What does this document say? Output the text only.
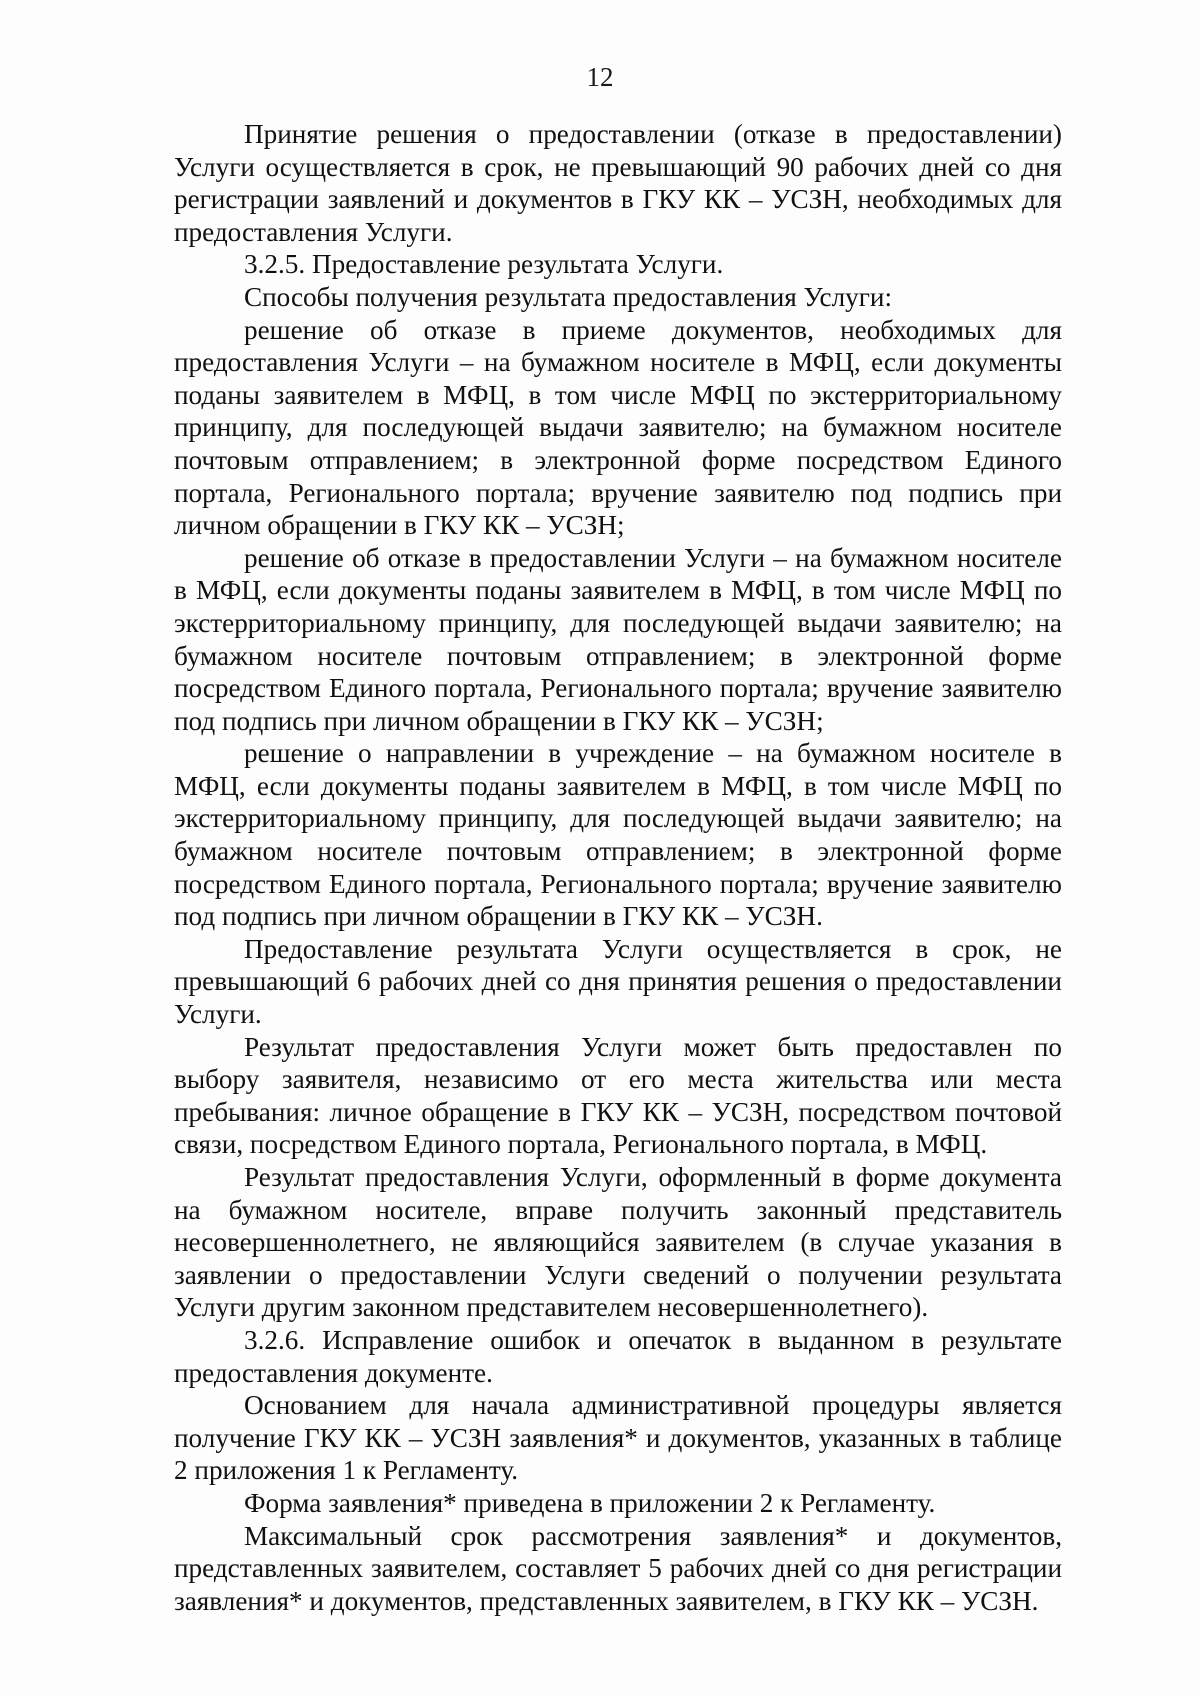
12

Принятие решения о предоставлении (отказе в предоставлении) Услуги осуществляется в срок, не превышающий 90 рабочих дней со дня регистрации заявлений и документов в ГКУ КК – УСЗН, необходимых для предоставления Услуги.

3.2.5. Предоставление результата Услуги.

Способы получения результата предоставления Услуги:

решение об отказе в приеме документов, необходимых для предоставления Услуги – на бумажном носителе в МФЦ, если документы поданы заявителем в МФЦ, в том числе МФЦ по экстерриториальному принципу, для последующей выдачи заявителю; на бумажном носителе почтовым отправлением; в электронной форме посредством Единого портала, Регионального портала; вручение заявителю под подпись при личном обращении в ГКУ КК – УСЗН;

решение об отказе в предоставлении Услуги – на бумажном носителе в МФЦ, если документы поданы заявителем в МФЦ, в том числе МФЦ по экстерриториальному принципу, для последующей выдачи заявителю; на бумажном носителе почтовым отправлением; в электронной форме посредством Единого портала, Регионального портала; вручение заявителю под подпись при личном обращении в ГКУ КК – УСЗН;

решение о направлении в учреждение – на бумажном носителе в МФЦ, если документы поданы заявителем в МФЦ, в том числе МФЦ по экстерриториальному принципу, для последующей выдачи заявителю; на бумажном носителе почтовым отправлением; в электронной форме посредством Единого портала, Регионального портала; вручение заявителю под подпись при личном обращении в ГКУ КК – УСЗН.

Предоставление результата Услуги осуществляется в срок, не превышающий 6 рабочих дней со дня принятия решения о предоставлении Услуги.

Результат предоставления Услуги может быть предоставлен по выбору заявителя, независимо от его места жительства или места пребывания: личное обращение в ГКУ КК – УСЗН, посредством почтовой связи, посредством Единого портала, Регионального портала, в МФЦ.

Результат предоставления Услуги, оформленный в форме документа на бумажном носителе, вправе получить законный представитель несовершеннолетнего, не являющийся заявителем (в случае указания в заявлении о предоставлении Услуги сведений о получении результата Услуги другим законном представителем несовершеннолетнего).

3.2.6. Исправление ошибок и опечаток в выданном в результате предоставления документе.

Основанием для начала административной процедуры является получение ГКУ КК – УСЗН заявления* и документов, указанных в таблице 2 приложения 1 к Регламенту.

Форма заявления* приведена в приложении 2 к Регламенту.

Максимальный срок рассмотрения заявления* и документов, представленных заявителем, составляет 5 рабочих дней со дня регистрации заявления* и документов, представленных заявителем, в ГКУ КК – УСЗН.
